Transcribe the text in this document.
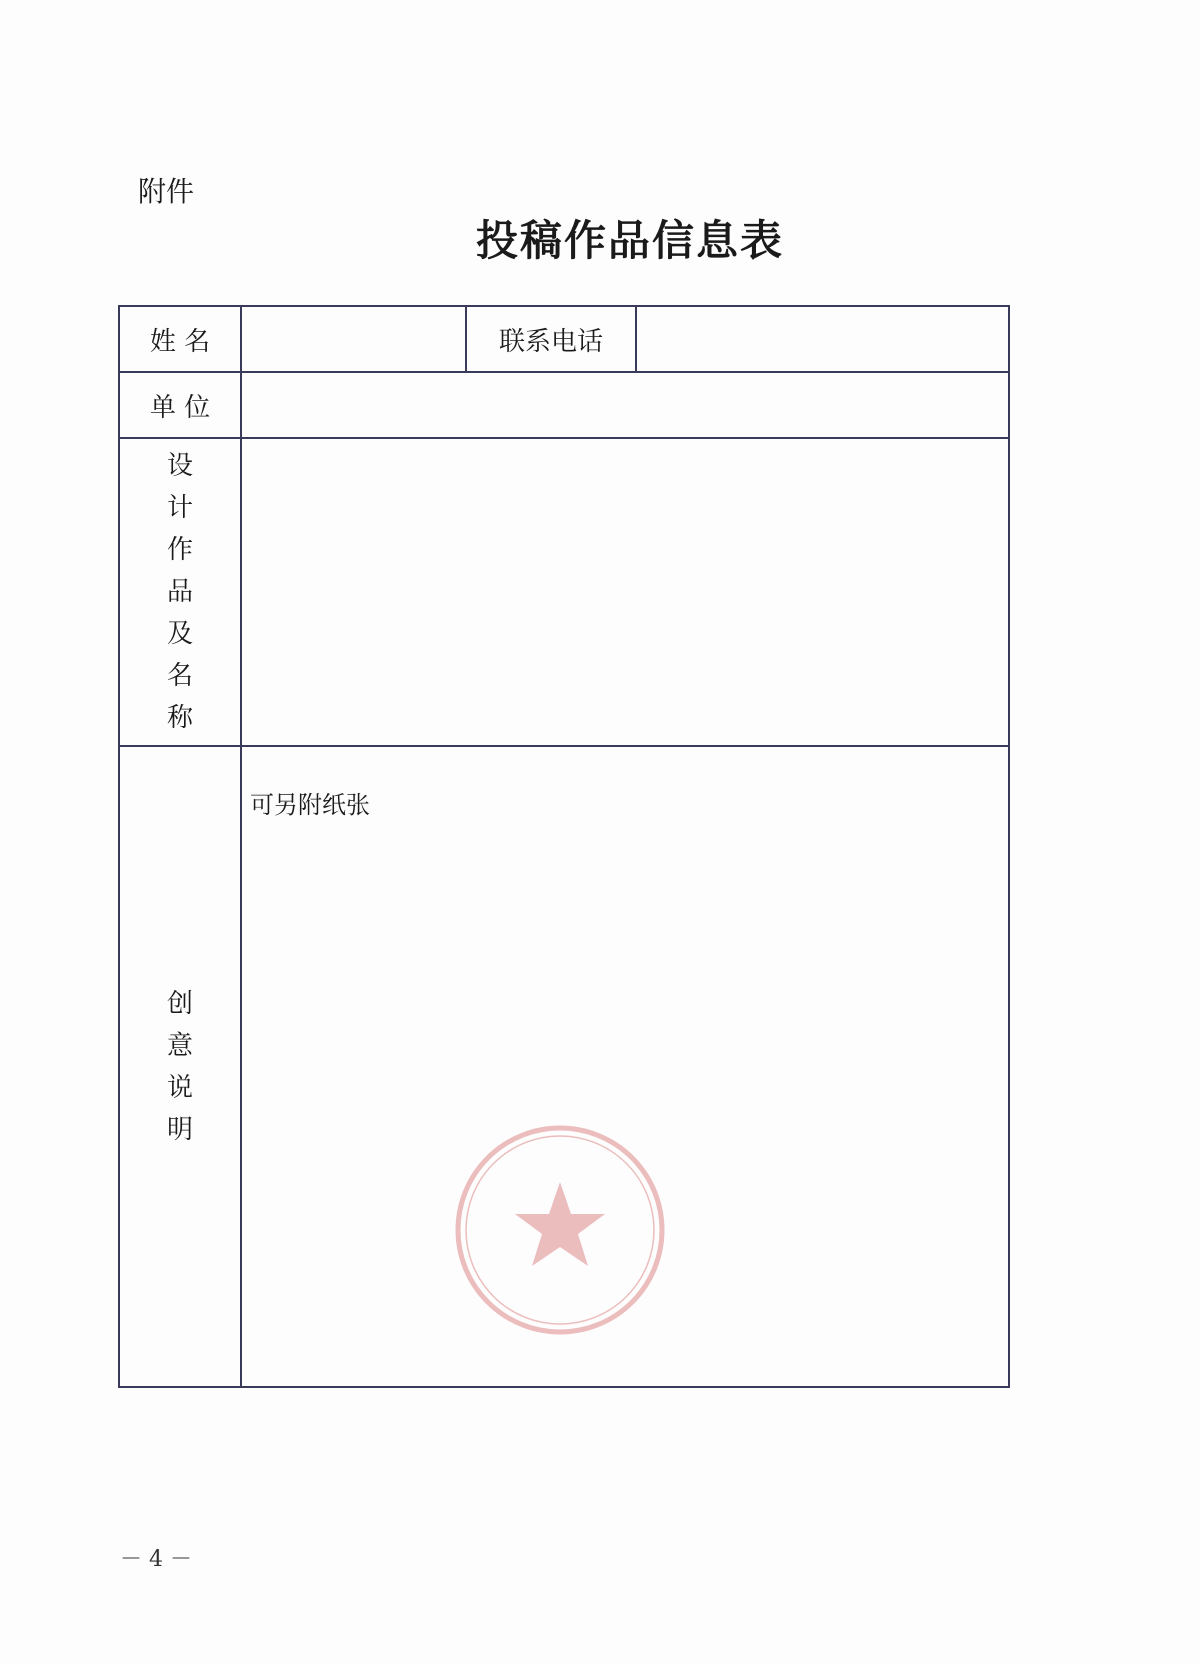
附件
投稿作品信息表
姓 名	联系电话
单 位
设
计
作
品
及
名
称
创
意
说
明
可另附纸张
－ 4 －
